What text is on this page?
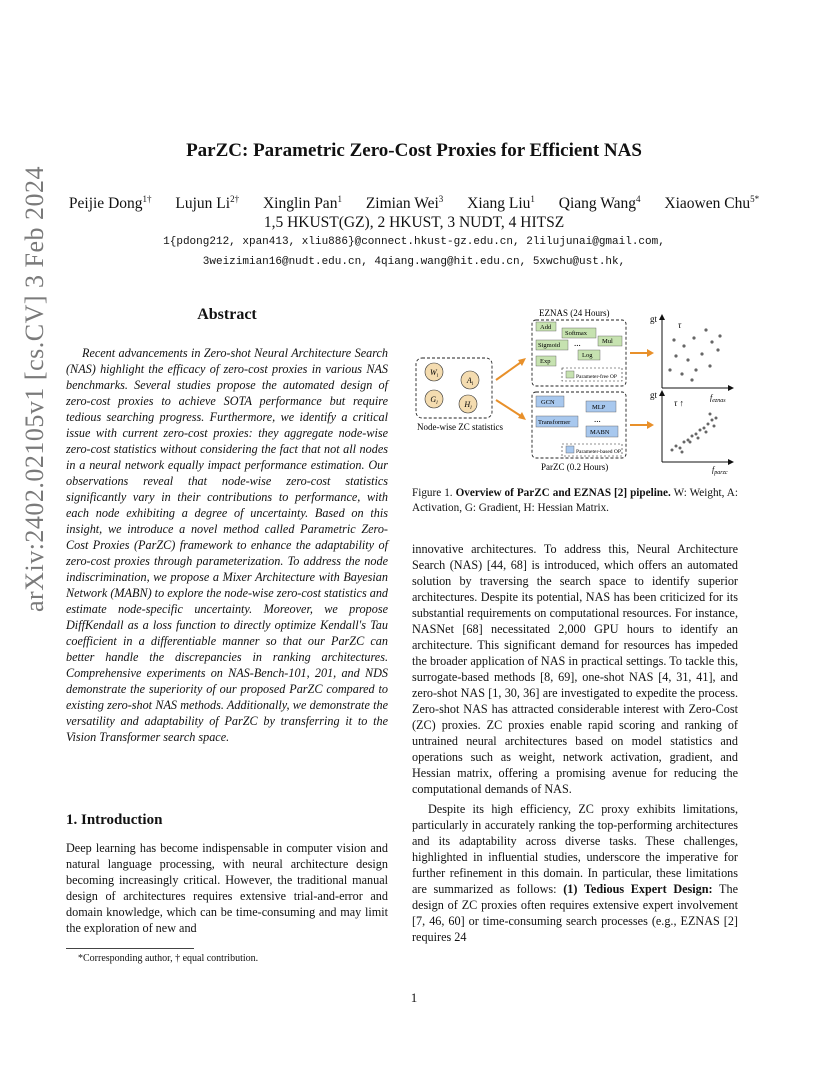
ParZC: Parametric Zero-Cost Proxies for Efficient NAS
Peijie Dong$^{1\dagger}$ Lujun $Li^{2\dagger}$ Xinglin Pan$^1$ Zimian Wei$^3$ Xiang Liu$^1$ Qiang Wang$^4$ Xiaowen Chu$^{5*}$
1,5 HKUST(GZ), 2 HKUST, 3 NUDT, 4 HITSZ
1{pdong212, xpan413, xliu886}@connect.hkust-gz.edu.cn, 2lilujunai@gmail.com,
3weizimian16@nudt.edu.cn, 4qiang.wang@hit.edu.cn, 5xwchu@ust.hk,
arXiv:2402.02105v1 [cs.CV] 3 Feb 2024	Abstract

Recent advancements in Zero-shot Neural Architecture Search (NAS) highlight the efficacy of zero-cost proxies in various NAS benchmarks. Several studies propose the automated design of zero-cost proxies to achieve SOTA performance but require tedious searching progress. Furthermore, we identify a critical issue with current zero-cost proxies: they aggregate node-wise zero-cost statistics without considering the fact that not all nodes in a neural network equally impact performance estimation. Our observations reveal that node-wise zero-cost statistics significantly vary in their contributions to performance, with each node exhibiting a degree of uncertainty. Based on this insight, we introduce a novel method called Parametric Zero-Cost Proxies (ParZC) framework to enhance the adaptability of zero-cost proxies through parameterization. To address the node indiscrimination, we propose a Mixer Architecture with Bayesian Network (MABN) to explore the node-wise zero-cost statistics and estimate node-specific uncertainty. Moreover, we propose DiffKendall as a loss function to directly optimize Kendall's Tau coefficient in a differentiable manner so that our ParZC can better handle the discrepancies in ranking architectures. Comprehensive experiments on NAS-Bench-101, 201, and NDS demonstrate the superiority of our proposed ParZC compared to existing zero-shot NAS methods. Additionally, we demonstrate the versatility and adaptability of ParZC by transferring it to the Vision Transformer search space.

1. Introduction

Deep learning has become indispensable in computer vision and natural language processing, with neural architecture design becoming increasingly critical. However, the traditional manual design of architectures requires extensive trial-and-error and domain knowledge, which can be time-consuming and may limit the exploration of new and

*Corresponding author, † equal contribution.
$W_l$	$A_l$
$G_l$	$H_l$
Node-wise ZC statistics
EZNAS (24 Hours)
Add
Softmax
Mul
Sigmoid
Log
Exp
...
Parameter-free OP
GCN
MLP
Transformer
MABN
...
Parameter-based OP
ParZC (0.2 Hours)
gt
τ
$f_{eznas}$
gt
τ ↑
$f_{parzc}$
Figure 1. Overview of ParZC and EZNAS [2] pipeline. W: Weight, A: Activation, G: Gradient, H: Hessian Matrix.

innovative architectures. To address this, Neural Architecture Search (NAS) [44, 68] is introduced, which offers an automated solution by traversing the search space to identify superior architectures. Despite its potential, NAS has been criticized for its substantial requirements on computational resources. For instance, NASNet [68] necessitated 2,000 GPU hours to identify an architecture. This significant demand for resources has impeded the broader application of NAS in practical settings. To tackle this, surrogate-based methods [8, 69], one-shot NAS [4, 31, 41], and zero-shot NAS [1, 30, 36] are investigated to expedite the process. Zero-shot NAS has attracted considerable interest with Zero-Cost (ZC) proxies. ZC proxies enable rapid scoring and ranking of untrained neural architectures based on model statistics and operations such as weight, network activation, gradient, and Hessian matrix, offering a promising avenue for reducing the computational demands of NAS.

Despite its high efficiency, ZC proxy exhibits limitations, particularly in accurately ranking the top-performing architectures and its adaptability across diverse tasks. These challenges, highlighted in influential studies, underscore the imperative for further refinement in this domain. In particular, these limitations are summarized as follows: (1) Tedious Expert Design: The design of ZC proxies often requires extensive expert involvement [7, 46, 60] or time-consuming search processes (e.g., EZNAS [2] requires 24

1
